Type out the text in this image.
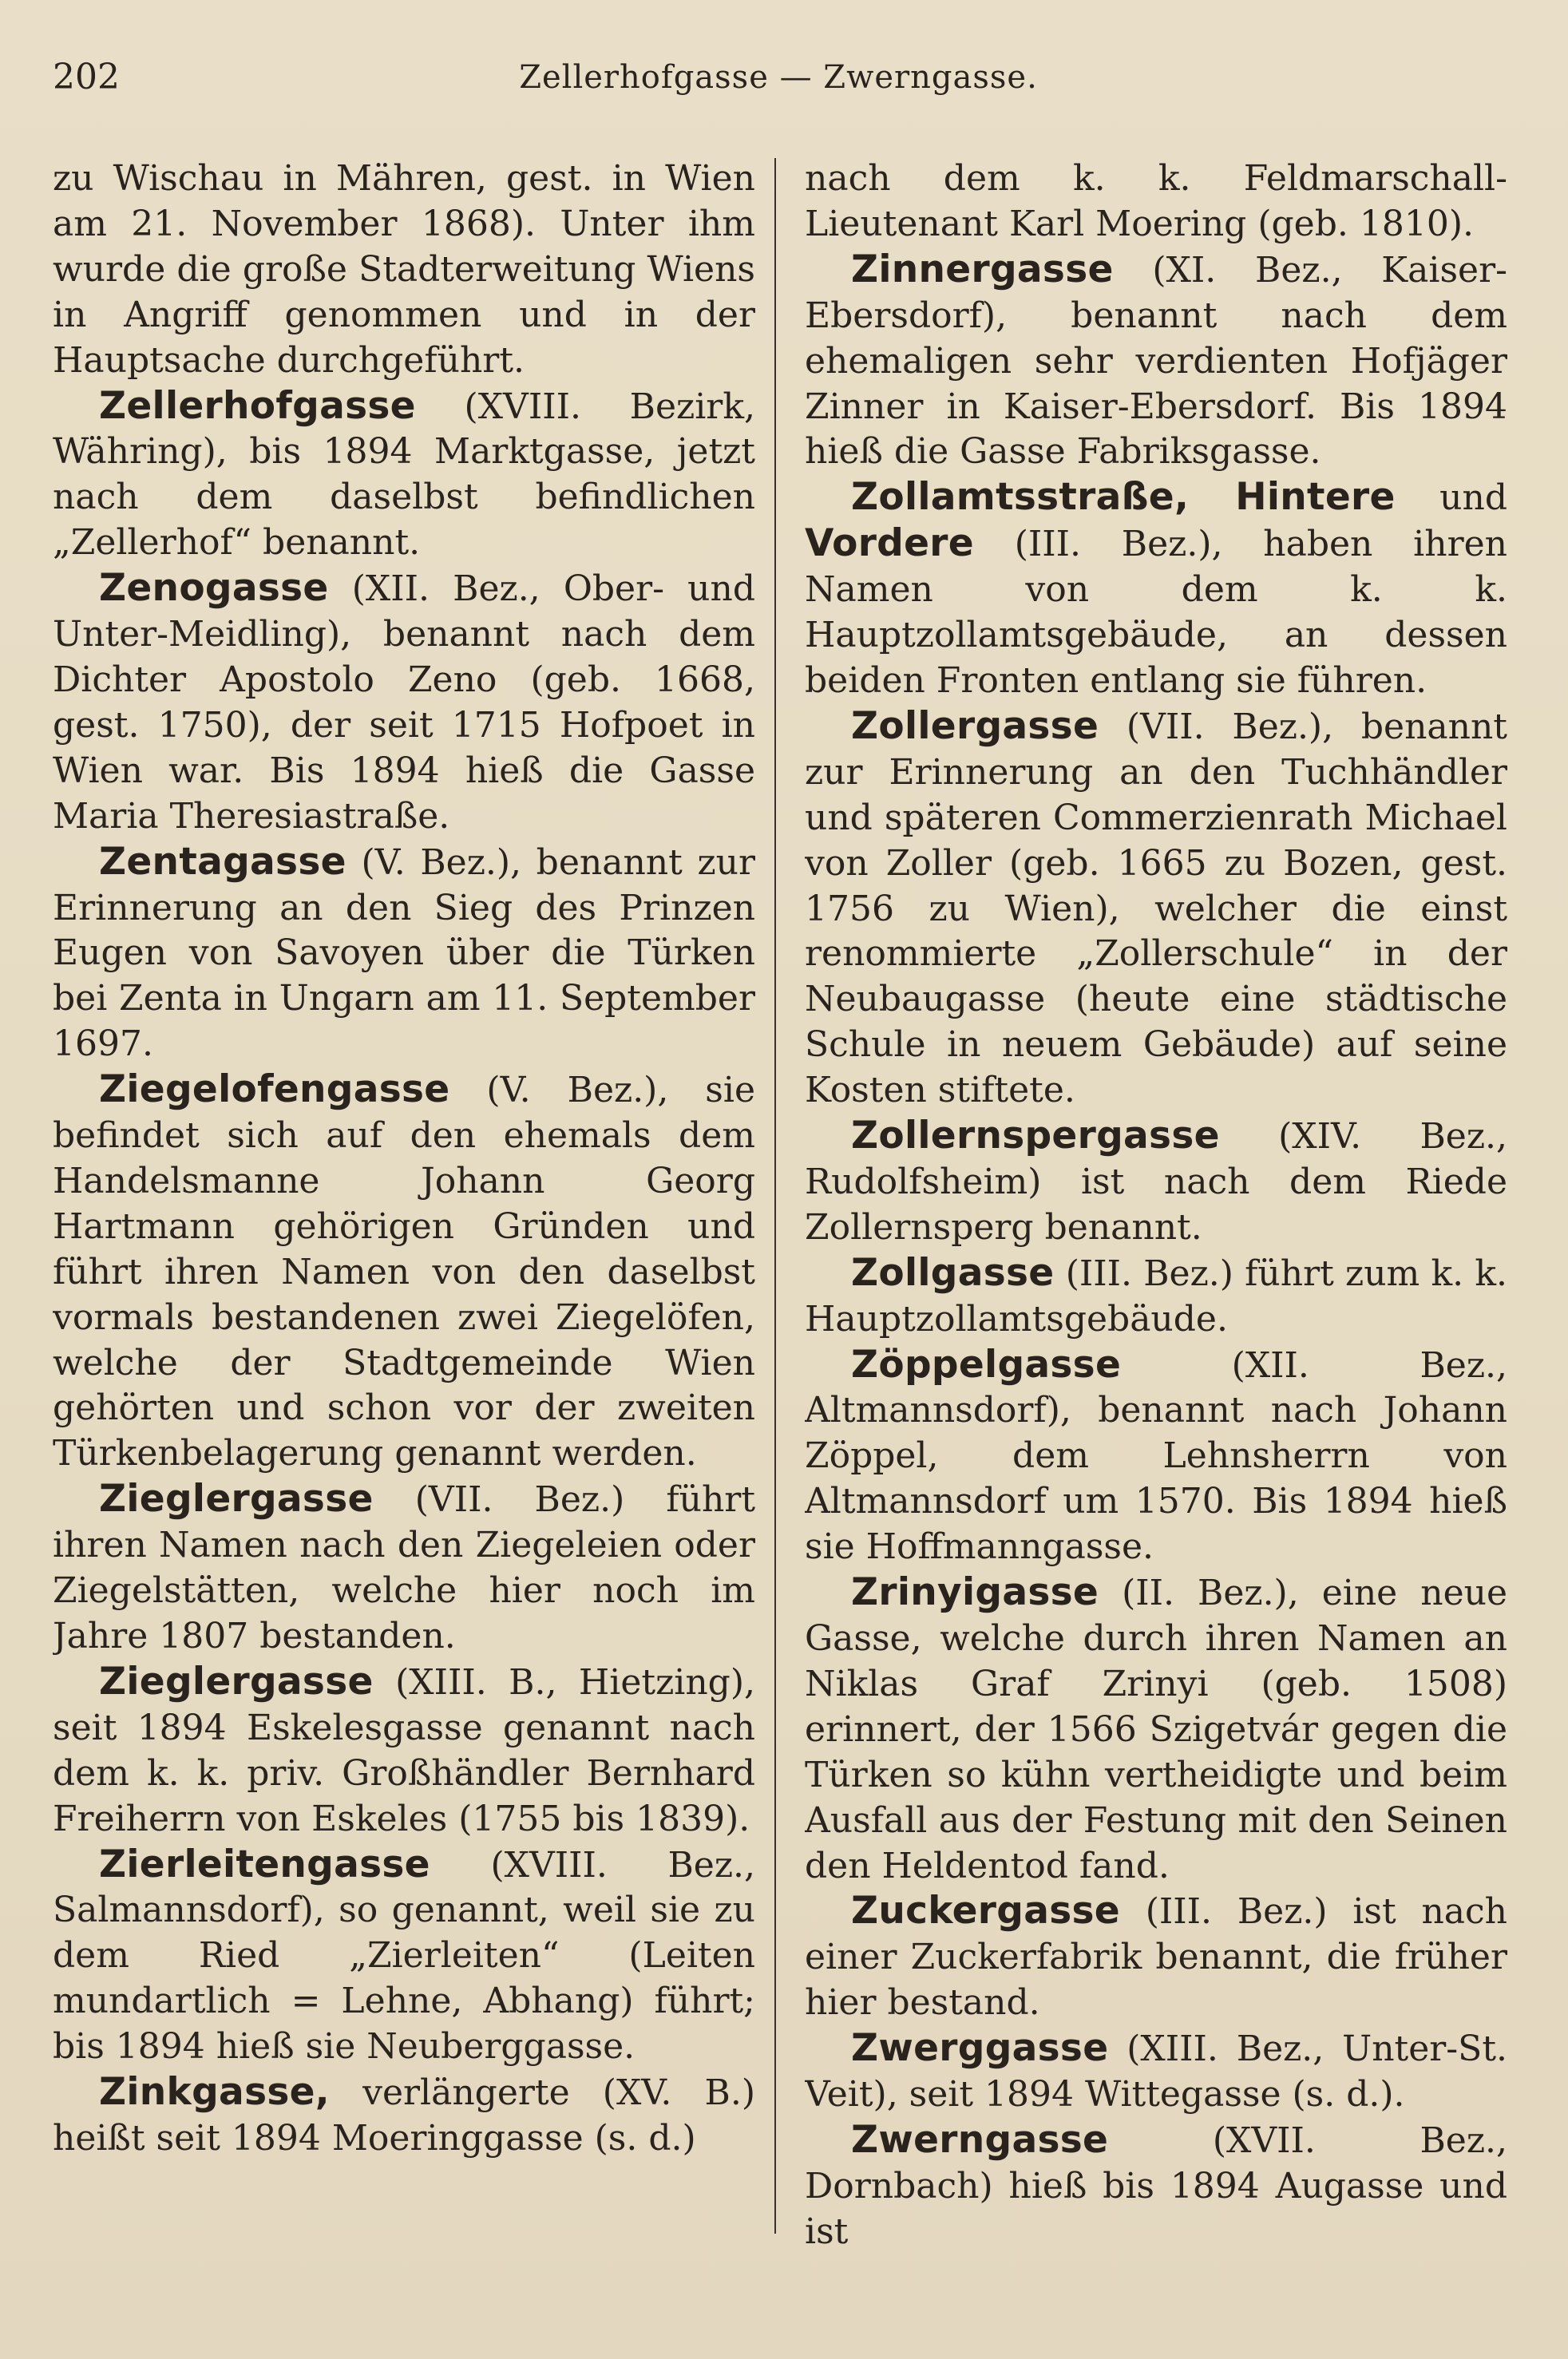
202	Zellerhofgasse — Zwerngasse.

zu Wischau in Mähren, gest. in Wien am 21. November 1868). Unter ihm wurde die große Stadterweitung Wiens in Angriff genommen und in der Hauptsache durchgeführt.

Zellerhofgasse (XVIII. Bezirk, Währing), bis 1894 Marktgasse, jetzt nach dem daselbst befindlichen „Zellerhof“ benannt.

Zenogasse (XII. Bez., Ober- und Unter-Meidling), benannt nach dem Dichter Apostolo Zeno (geb. 1668, gest. 1750), der seit 1715 Hofpoet in Wien war. Bis 1894 hieß die Gasse Maria Theresiastraße.

Zentagasse (V. Bez.), benannt zur Erinnerung an den Sieg des Prinzen Eugen von Savoyen über die Türken bei Zenta in Ungarn am 11. September 1697.

Ziegelofengasse (V. Bez.), sie befindet sich auf den ehemals dem Handelsmanne Johann Georg Hartmann gehörigen Gründen und führt ihren Namen von den daselbst vormals bestandenen zwei Ziegelöfen, welche der Stadtgemeinde Wien gehörten und schon vor der zweiten Türkenbelagerung genannt werden.

Zieglergasse (VII. Bez.) führt ihren Namen nach den Ziegeleien oder Ziegelstätten, welche hier noch im Jahre 1807 bestanden.

Zieglergasse (XIII. B., Hietzing), seit 1894 Eskelesgasse genannt nach dem k. k. priv. Großhändler Bernhard Freiherrn von Eskeles (1755 bis 1839).

Zierleitengasse (XVIII. Bez., Salmannsdorf), so genannt, weil sie zu dem Ried „Zierleiten“ (Leiten mundartlich = Lehne, Abhang) führt; bis 1894 hieß sie Neuberggasse.

Zinkgasse, verlängerte (XV. B.) heißt seit 1894 Moeringgasse (s. d.)

nach dem k. k. Feldmarschall-Lieutenant Karl Moering (geb. 1810).

Zinnergasse (XI. Bez., Kaiser-Ebersdorf), benannt nach dem ehemaligen sehr verdienten Hofjäger Zinner in Kaiser-Ebersdorf. Bis 1894 hieß die Gasse Fabriksgasse.

Zollamtsstraße, Hintere und Vordere (III. Bez.), haben ihren Namen von dem k. k. Hauptzollamtsgebäude, an dessen beiden Fronten entlang sie führen.

Zollergasse (VII. Bez.), benannt zur Erinnerung an den Tuchhändler und späteren Commerzienrath Michael von Zoller (geb. 1665 zu Bozen, gest. 1756 zu Wien), welcher die einst renommierte „Zollerschule“ in der Neubaugasse (heute eine städtische Schule in neuem Gebäude) auf seine Kosten stiftete.

Zollernspergasse (XIV. Bez., Rudolfsheim) ist nach dem Riede Zollernsperg benannt.

Zollgasse (III. Bez.) führt zum k. k. Hauptzollamtsgebäude.

Zöppelgasse (XII. Bez., Altmannsdorf), benannt nach Johann Zöppel, dem Lehnsherrn von Altmannsdorf um 1570. Bis 1894 hieß sie Hoffmanngasse.

Zrinyigasse (II. Bez.), eine neue Gasse, welche durch ihren Namen an Niklas Graf Zrinyi (geb. 1508) erinnert, der 1566 Szigetvár gegen die Türken so kühn vertheidigte und beim Ausfall aus der Festung mit den Seinen den Heldentod fand.

Zuckergasse (III. Bez.) ist nach einer Zuckerfabrik benannt, die früher hier bestand.

Zwerggasse (XIII. Bez., Unter-St. Veit), seit 1894 Wittegasse (s. d.).

Zwerngasse (XVII. Bez., Dornbach) hieß bis 1894 Augasse und ist
